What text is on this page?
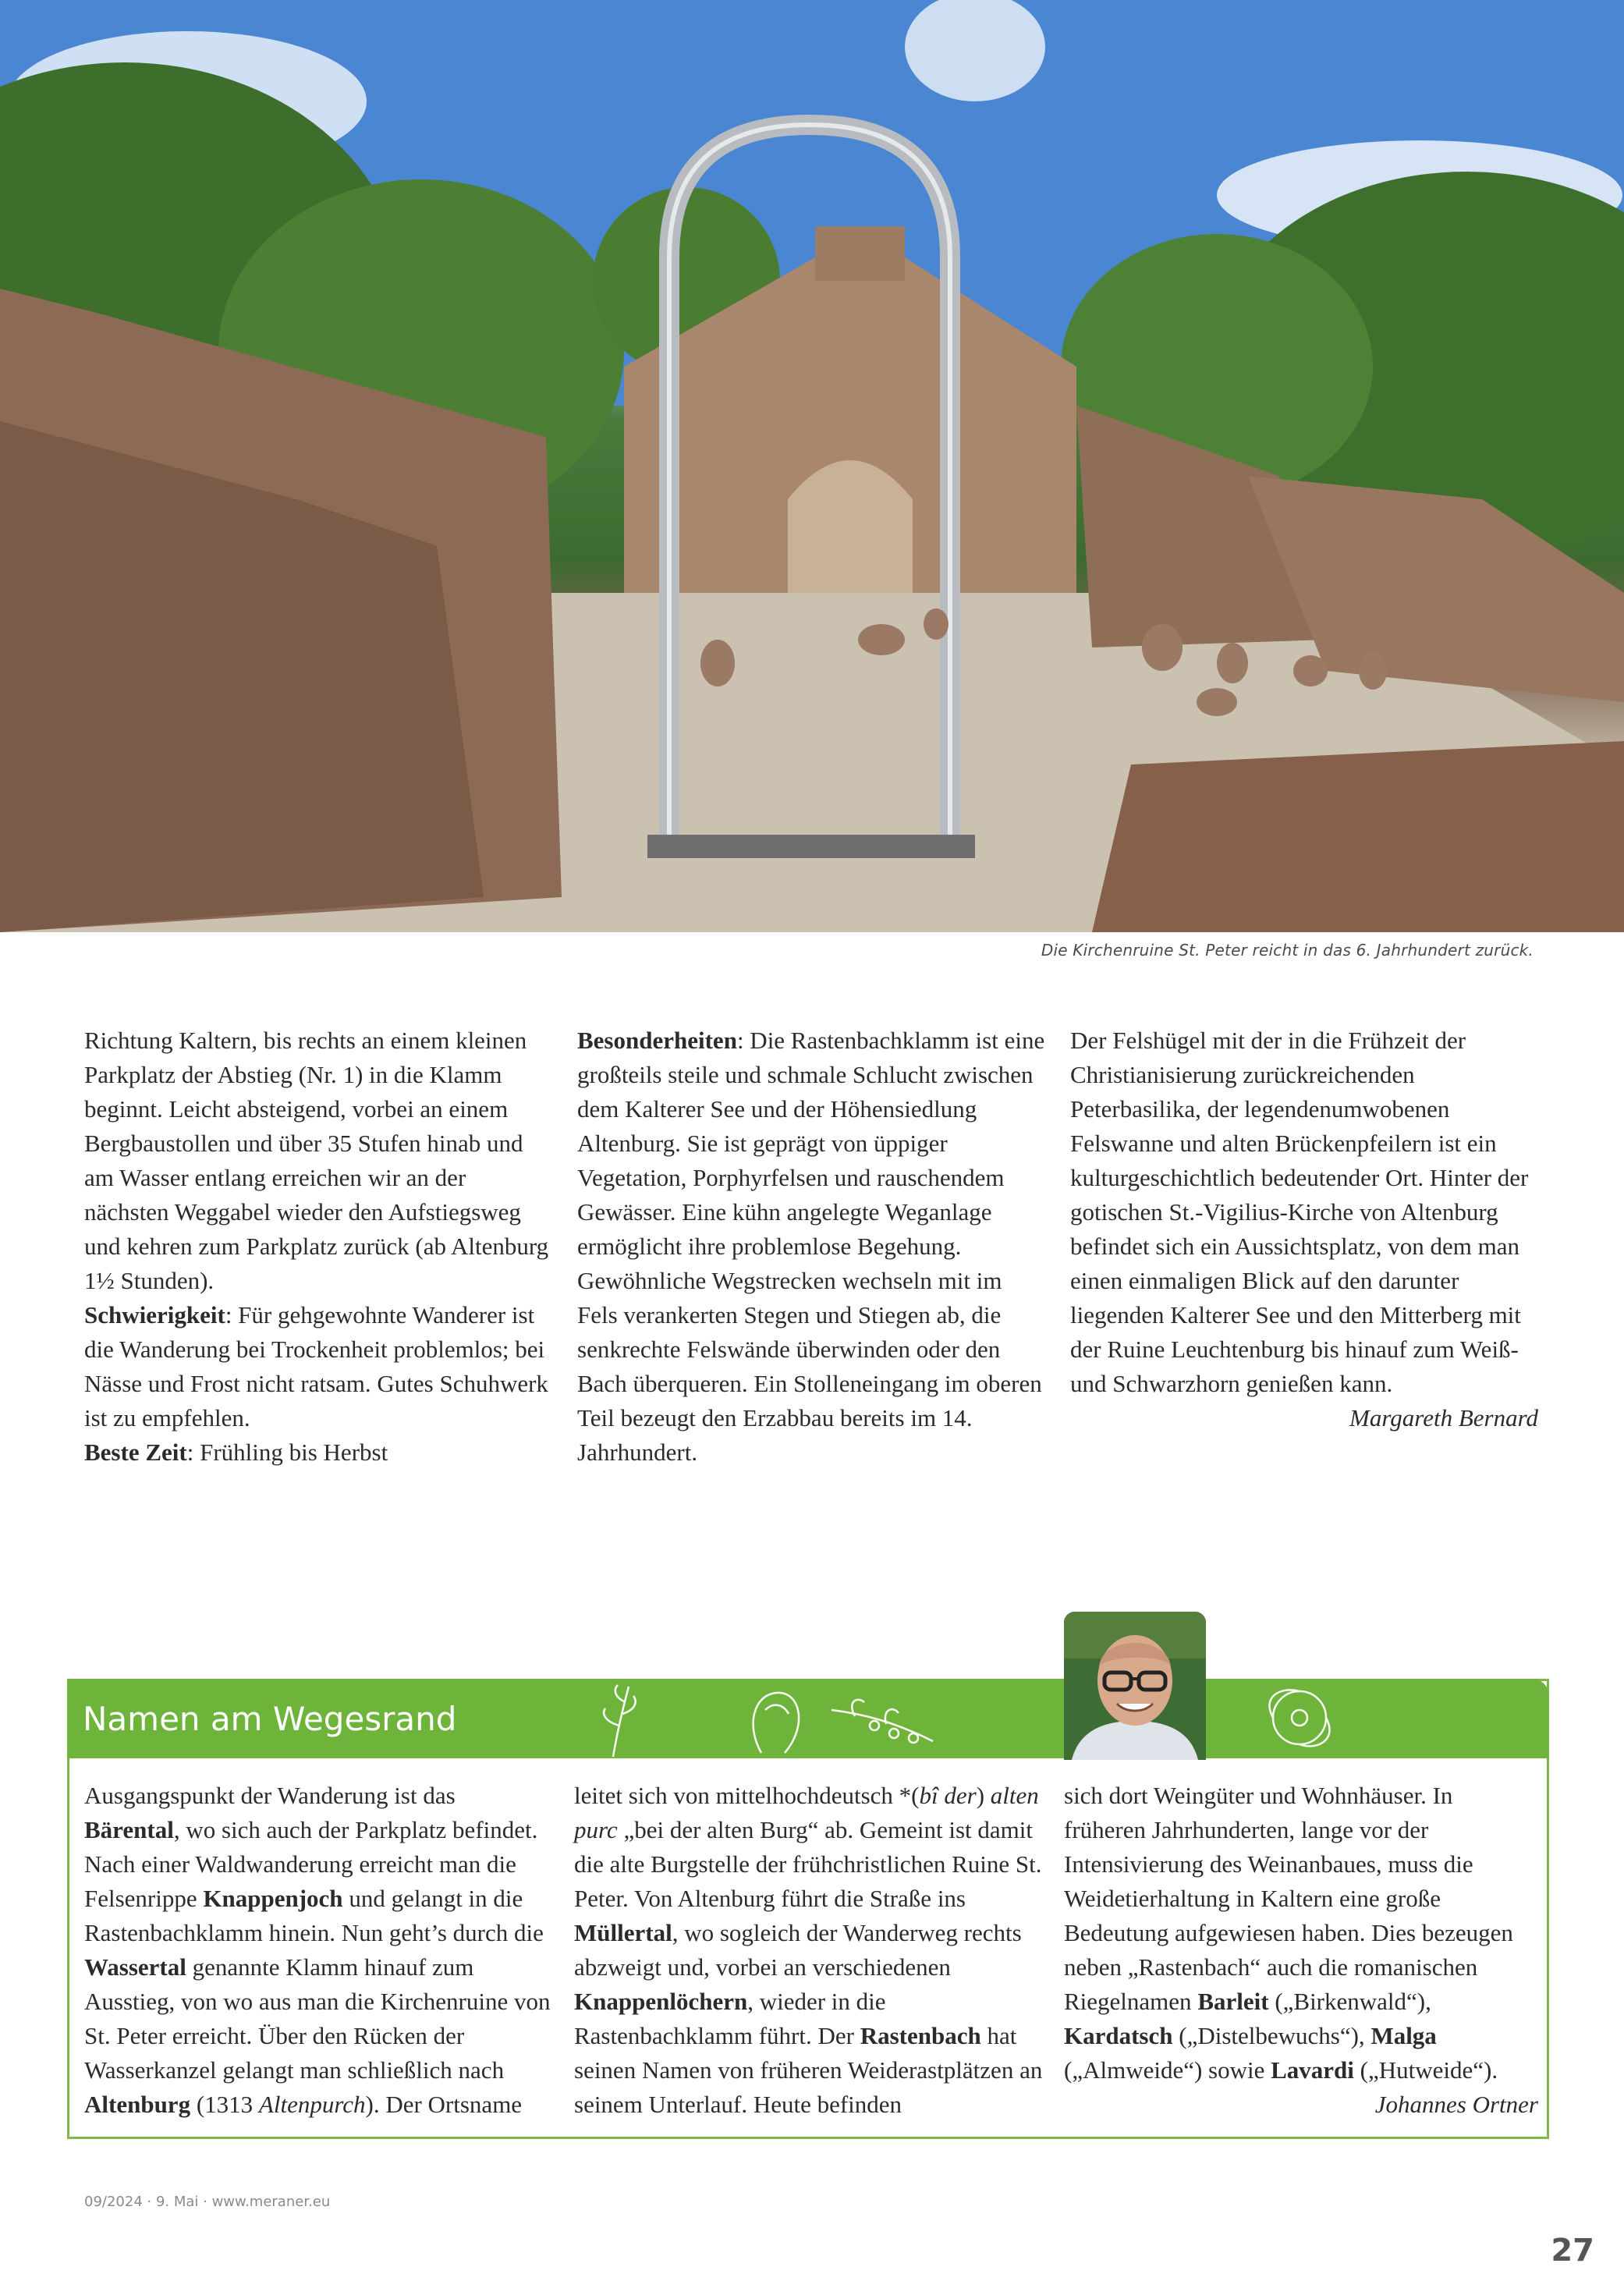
Die Kirchenruine St. Peter reicht in das 6. Jahrhundert zurück.

Richtung Kaltern, bis rechts an einem kleinen Parkplatz der Abstieg (Nr. 1) in die Klamm beginnt. Leicht absteigend, vorbei an einem Bergbaustollen und über 35 Stufen hinab und am Wasser entlang erreichen wir an der nächsten Weggabel wieder den Aufstiegsweg und kehren zum Parkplatz zurück (ab Altenburg 1½ Stunden).

Schwierigkeit: Für gehgewohnte Wanderer ist die Wanderung bei Trockenheit problemlos; bei Nässe und Frost nicht ratsam. Gutes Schuhwerk ist zu empfehlen.

Beste Zeit: Frühling bis Herbst

Besonderheiten: Die Rastenbachklamm ist eine großteils steile und schmale Schlucht zwischen dem Kalterer See und der Höhensiedlung Altenburg. Sie ist geprägt von üppiger Vegetation, Porphyrfelsen und rauschendem Gewässer. Eine kühn angelegte Weganlage ermöglicht ihre problemlose Begehung. Gewöhnliche Wegstrecken wechseln mit im Fels verankerten Stegen und Stiegen ab, die senkrechte Felswände überwinden oder den Bach überqueren. Ein Stolleneingang im oberen Teil bezeugt den Erzabbau bereits im 14. Jahrhundert.

Der Felshügel mit der in die Frühzeit der Christianisierung zurückreichenden Peterbasilika, der legendenumwobenen Felswanne und alten Brückenpfeilern ist ein kulturgeschichtlich bedeutender Ort. Hinter der gotischen St.-Vigilius-Kirche von Altenburg befindet sich ein Aussichtsplatz, von dem man einen einmaligen Blick auf den darunter liegenden Kalterer See und den Mitterberg mit der Ruine Leuchtenburg bis hinauf zum Weiß- und Schwarzhorn genießen kann.

Margareth Bernard

Namen am Wegesrand

Ausgangspunkt der Wanderung ist das Bärental, wo sich auch der Parkplatz befindet. Nach einer Waldwanderung erreicht man die Felsenrippe Knappenjoch und gelangt in die Rastenbachklamm hinein. Nun geht’s durch die Wassertal genannte Klamm hinauf zum Ausstieg, von wo aus man die Kirchenruine von St. Peter erreicht. Über den Rücken der Wasserkanzel gelangt man schließlich nach Altenburg (1313 Altenpurch). Der Ortsname

leitet sich von mittelhochdeutsch *(bî der) alten purc „bei der alten Burg“ ab. Gemeint ist damit die alte Burgstelle der frühchristlichen Ruine St. Peter. Von Altenburg führt die Straße ins Müllertal, wo sogleich der Wanderweg rechts abzweigt und, vorbei an verschiedenen Knappenlöchern, wieder in die Rastenbachklamm führt. Der Rastenbach hat seinen Namen von früheren Weiderastplätzen an seinem Unterlauf. Heute befinden

sich dort Weingüter und Wohnhäuser. In früheren Jahrhunderten, lange vor der Intensivierung des Weinanbaues, muss die Weidetierhaltung in Kaltern eine große Bedeutung aufgewiesen haben. Dies bezeugen neben „Rastenbach“ auch die romanischen Riegelnamen Barleit („Birkenwald“), Kardatsch („Distelbewuchs“), Malga („Almweide“) sowie Lavardi („Hutweide“).

Johannes Ortner

09/2024 · 9. Mai · www.meraner.eu
27
